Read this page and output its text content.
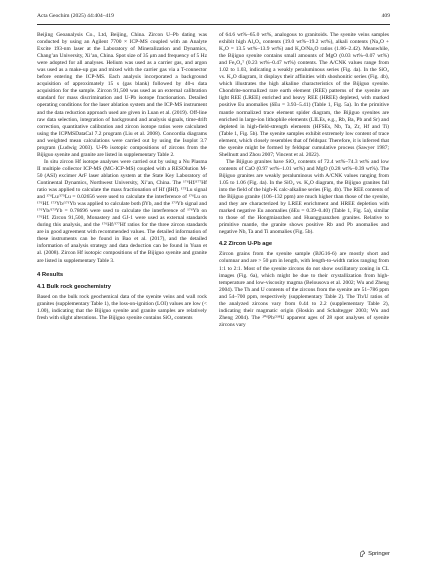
Acta Geochim (2025) 44:404–419	409

Beijing Geoanalysis Co., Ltd, Beijing, China. Zircon U–Pb dating was conducted by using an Agilent 7700 × ICP-MS coupled with an Analyte Excite 193-nm laser at the Laboratory of Mineralization and Dynamics, Chang’an University, Xi’an, China. Spot size of 35 μm and frequency of 5 Hz were adopted for all analyses. Helium was used as a carrier gas, and argon was used as a make-up gas and mixed with the carrier gas via a T-connector before entering the ICP-MS. Each analysis incorporated a background acquisition of approximately 15 s (gas blank) followed by 40-s data acquisition for the sample. Zircon 91,500 was used as an external calibration standard for mass discrimination and U-Pb isotope fractionation. Detailed operating conditions for the laser ablation system and the ICP-MS instrument and the data reduction approach used are given in Luan et al. (2019). Off-line raw data selection, integration of background and analysis signals, time-drift correction, quantitative calibration and zircon isotope ratios were calculated using the ICPMSDataCal 7.2 program (Liu et al. 2008). Concordia diagrams and weighted mean calculations were carried out by using the Isoplot 3.7 program (Ludwig 2003). U-Pb isotopic compositions of zircons from the Bijiguo syenite and granite are listed in supplementary Table 2.

In situ zircon Hf isotope analyses were carried out by using a Nu Plasma II multiple collector ICP-MS (MC-ICP-MS) coupled with a RESOlution M-50 (ASI) excimer ArF laser ablation system at the State Key Laboratory of Continental Dynamics, Northwest University, Xi’an, China. The ¹⁷⁶Hf/¹⁷⁷Hf ratio was applied to calculate the mass fractionation of Hf (βHf). ¹⁷⁵Lu signal and ¹⁷⁶Lu/¹⁷⁵Lu = 0.02656 were used to calculate the interference of ¹⁷⁶Lu on ¹⁷⁶Hf. ¹⁷³Yb/¹⁷¹Yb was applied to calculate both βYb, and the ¹⁷³Yb signal and ¹⁷⁶Yb/¹⁷³Yb = 0.78696 were used to calculate the interference of ¹⁷⁶Yb on ¹⁷⁶Hf. Zircon 91,500, Monastery and GJ-1 were used as external standards during this analysis, and the ¹⁷⁶Hf/¹⁷⁷Hf ratios for the three zircon standards are in good agreement with recommended values. The detailed information of these instruments can be found in Bao et al. (2017), and the detailed information of analysis strategy and data deduction can be found in Yuan et al. (2008). Zircon Hf isotopic compositions of the Bijiguo syenite and granite are listed in supplementary Table 3.

4 Results
4.1 Bulk rock geochemistry

Based on the bulk rock geochemical data of the syenite veins and wall rock granites (supplementary Table 1), the loss-on-ignition (LOI) values are low (< 1.00), indicating that the Bijiguo syenite and granite samples are relatively fresh with slight alterations. The Bijiguo syenite contains SiO₂ contents

of 64.6 wt%–65.0 wt%, analogous to granitoids. The syenite veins samples exhibit high Al₂O₃ contents (19.0 wt%–19.2 wt%), alkali contents (Na₂O + K₂O = 13.5 wt%–13.9 wt%) and K₂O/Na₂O ratios (1.86–2.42). Meanwhile, the Bijiguo syenite contains small amounts of MgO (0.03 wt%–0.07 wt%) and Fe₂O₃ᵀ (0.23 wt%–0.47 wt%) contents. The A/CNK values range from 1.02 to 1.03, indicating a weakly peraluminous series (Fig. 4a). In the SiO₂ vs. K₂O diagram, it displays their affinities with shoshonitic series (Fig. 4b), which illustrates the high alkaline characteristics of the Bijiguo syenite. Chondrite-normalized rare earth element (REE) patterns of the syenite are light REE (LREE) enriched and heavy REE (HREE) depleted, with marked positive Eu anomalies (δEu = 3.93–5.41) (Table 1, Fig. 5a). In the primitive mantle normalized trace element spider diagram, the Bijiguo syenites are enriched in large-ion lithophile elements (LILEs, e.g., Rb, Ba, Pb and Sr) and depleted in high-field-strength elements (HFSEs, Nb, Ta, Zr, Hf and Ti) (Table 1, Fig. 5b). The syenite samples exhibit extremely low content of trace element, which closely resembles that of feldspar. Therefore, it is inferred that the syenite might be formed by feldspar cumulative process (Sawyer 1987; Shellnutt and Zhou 2007; Vincent et al. 2022).

The Bijiguo granites have SiO₂ contents of 72.4 wt%–74.3 wt% and low contents of CaO (0.97 wt%–1.01 wt%) and MgO (0.28 wt%–0.39 wt%). The Bijiguo granites are weakly peraluminous with A/CNK values ranging from 1.05 to 1.06 (Fig. 4a). In the SiO₂ vs. K₂O diagram, the Bijiguo granites fall into the field of the high-K calc-alkaline series (Fig. 4b). The REE contents of the Bijiguo granite (106–132 ppm) are much higher than those of the syenite, and they are characterized by LREE enrichment and HREE depletion with marked negative Eu anomalies (δEu = 0.39–0.40) (Table 1, Fig. 5a), similar to those of the Hongmiaozhen and Huangguanzhen granites. Relative to primitive mantle, the granite shows positive Rb and Pb anomalies and negative Nb, Ta and Ti anomalies (Fig. 5b).

4.2 Zircon U-Pb age

Zircon grains from the syenite sample (BJG16-6) are mostly short and columnar and are > 50 μm in length, with length-to-width ratios ranging from 1:1 to 2:1. Most of the syenite zircons do not show oscillatory zoning in CL images (Fig. 6a), which might be due to their crystallization from high-temperature and low-viscosity magma (Belousova et al. 2002; Wu and Zheng 2004). The Th and U contents of the zircons from the syenite are 51–786 ppm and 54–700 ppm, respectively (supplementary Table 2). The Th/U ratios of the analyzed zircons vary from 0.44 to 2.2 (supplementary Table 2), indicating their magmatic origin (Hoskin and Schaltegger 2003; Wu and Zheng 2004). The ²⁰⁶Pb/²³⁸U apparent ages of 28 spot analyses of syenite zircons vary

Springer
